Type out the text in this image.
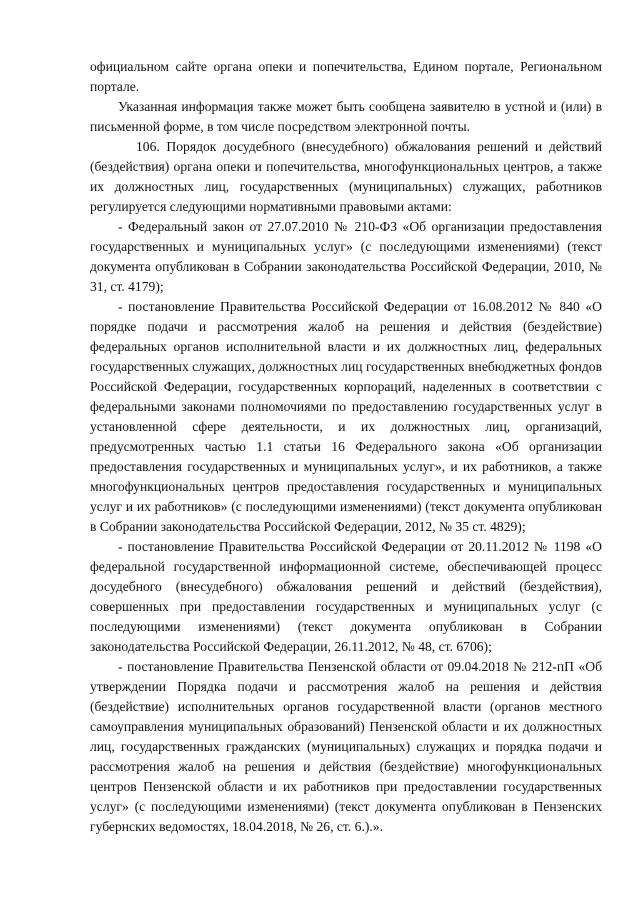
официальном сайте органа опеки и попечительства, Едином портале, Региональном портале.

Указанная информация также может быть сообщена заявителю в устной и (или) в письменной форме, в том числе посредством электронной почты.

106. Порядок досудебного (внесудебного) обжалования решений и действий (бездействия) органа опеки и попечительства, многофункциональных центров, а также их должностных лиц, государственных (муниципальных) служащих, работников регулируется следующими нормативными правовыми актами:

- Федеральный закон от 27.07.2010 № 210-ФЗ «Об организации предоставления государственных и муниципальных услуг» (с последующими изменениями) (текст документа опубликован в Собрании законодательства Российской Федерации, 2010, № 31, ст. 4179);

- постановление Правительства Российской Федерации от 16.08.2012 № 840 «О порядке подачи и рассмотрения жалоб на решения и действия (бездействие) федеральных органов исполнительной власти и их должностных лиц, федеральных государственных служащих, должностных лиц государственных внебюджетных фондов Российской Федерации, государственных корпораций, наделенных в соответствии с федеральными законами полномочиями по предоставлению государственных услуг в установленной сфере деятельности, и их должностных лиц, организаций, предусмотренных частью 1.1 статьи 16 Федерального закона «Об организации предоставления государственных и муниципальных услуг», и их работников, а также многофункциональных центров предоставления государственных и муниципальных услуг и их работников» (с последующими изменениями) (текст документа опубликован в Собрании законодательства Российской Федерации, 2012, № 35 ст. 4829);

- постановление Правительства Российской Федерации от 20.11.2012 № 1198 «О федеральной государственной информационной системе, обеспечивающей процесс досудебного (внесудебного) обжалования решений и действий (бездействия), совершенных при предоставлении государственных и муниципальных услуг (с последующими изменениями) (текст документа опубликован в Собрании законодательства Российской Федерации, 26.11.2012, № 48, ст. 6706);

- постановление Правительства Пензенской области от 09.04.2018 № 212-пП «Об утверждении Порядка подачи и рассмотрения жалоб на решения и действия (бездействие) исполнительных органов государственной власти (органов местного самоуправления муниципальных образований) Пензенской области и их должностных лиц, государственных гражданских (муниципальных) служащих и порядка подачи и рассмотрения жалоб на решения и действия (бездействие) многофункциональных центров Пензенской области и их работников при предоставлении государственных услуг» (с последующими изменениями) (текст документа опубликован в Пензенских губернских ведомостях, 18.04.2018, № 26, ст. 6.).».
